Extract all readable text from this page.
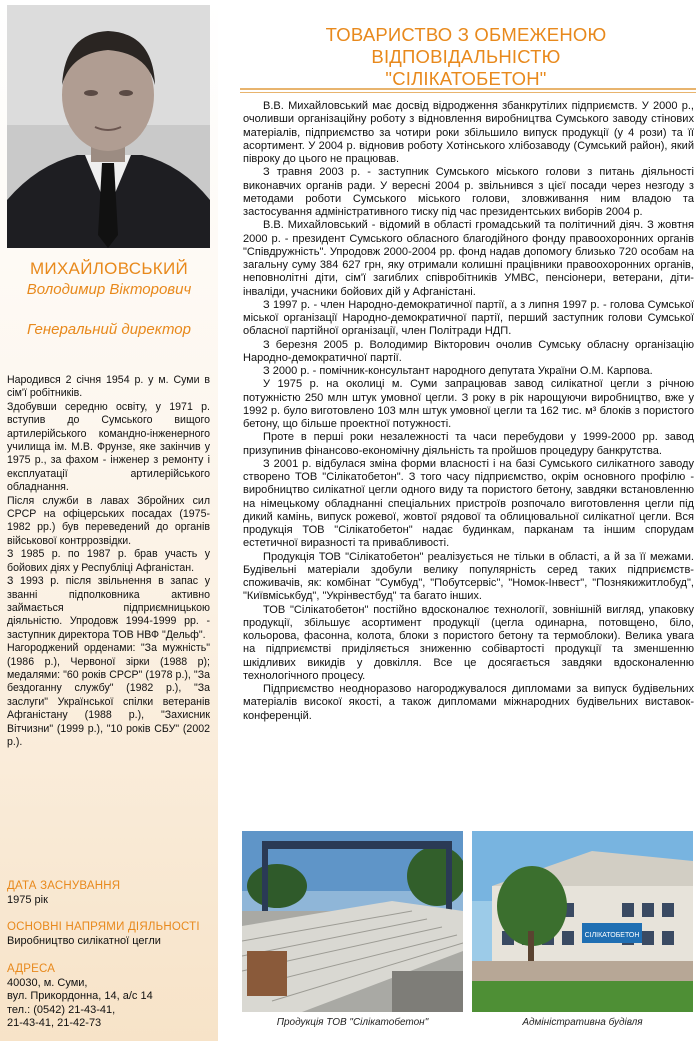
МИХАЙЛОВСЬКИЙ
Володимир Вікторович
Генеральний директор

Народився 2 січня 1954 р. у м. Суми в сім'ї робітників.

Здобувши середню освіту, у 1971 р. вступив до Сумського вищого артилерійського командно-інженерного училища ім. М.В. Фрунзе, яке закінчив у 1975 р., за фахом - інженер з ремонту і експлуатації артилерійського обладнання.

Після служби в лавах Збройних сил СРСР на офіцерських посадах (1975-1982 рр.) був переведений до органів військової контррозвідки.

З 1985 р. по 1987 р. брав участь у бойових діях у Республіці Афганістан.

З 1993 р. після звільнення в запас у званні підполковника активно займається підприємницькою діяльністю. Упродовж 1994-1999 рр. - заступник директора ТОВ НВФ "Дельф".

Нагороджений орденами: "За мужність" (1986 р.), Червоної зірки (1988 р); медалями: "60 років СРСР" (1978 р.), "За бездоганну службу" (1982 р.), "За заслуги" Української спілки ветеранів Афганістану (1988 р.), "Захисник Вітчизни" (1999 р.), "10 років СБУ" (2002 р.).

ДАТА ЗАСНУВАННЯ
1975 рік
ОСНОВНІ НАПРЯМИ ДІЯЛЬНОСТІ
Виробництво силікатної цегли
АДРЕСА
40030, м. Суми,
вул. Прикордонна, 14, а/с 14
тел.: (0542) 21-43-41,
21-43-41, 21-42-73
ТОВАРИСТВО З ОБМЕЖЕНОЮ ВІДПОВІДАЛЬНІСТЮ
"СІЛІКАТОБЕТОН"

В.В. Михайловський має досвід відродження збанкрутілих підприємств. У 2000 р., очоливши організаційну роботу з відновлення виробництва Сумського заводу стінових матеріалів, підприємство за чотири роки збільшило випуск продукції (у 4 рози) та її асортимент. У 2004 р. відновив роботу Хотінського хлібозаводу (Сумський район), який півроку до цього не працював.

З травня 2003 р. - заступник Сумського міського голови з питань діяльності виконавчих органів ради. У вересні 2004 р. звільнився з цієї посади через незгоду з методами роботи Сумського міського голови, зловживання ним владою та застосування адміністративного тиску під час президентських виборів 2004 р.

В.В. Михайловський - відомий в області громадський та політичний діяч. З жовтня 2000 р. - президент Сумського обласного благодійного фонду правоохоронних органів "Співдружність". Упродовж 2000-2004 рр. фонд надав допомогу близько 720 особам на загальну суму 384 627 грн, яку отримали колишні працівники правоохоронних органів, неповнолітні діти, сім'ї загиблих співробітників УМВС, пенсіонери, ветерани, діти-інваліди, учасники бойових дій у Афганістані.

З 1997 р. - член Народно-демократичної партії, а з липня 1997 р. - голова Сумської міської організації Народно-демократичної партії, перший заступник голови Сумської обласної партійної організації, член Політради НДП.

З березня 2005 р. Володимир Вікторович очолив Сумську обласну організацію Народно-демократичної партії.

З 2000 р. - помічник-консультант народного депутата України О.М. Карпова.

У 1975 р. на околиці м. Суми запрацював завод силікатної цегли з річною потужністю 250 млн штук умовної цегли. З року в рік нарощуючи виробництво, вже у 1992 р. було виготовлено 103 млн штук умовної цегли та 162 тис. м³ блоків з пористого бетону, що більше проектної потужності.

Проте в перші роки незалежності та часи перебудови у 1999-2000 рр. завод призупинив фінансово-економічну діяльність та пройшов процедуру банкрутства.

З 2001 р. відбулася зміна форми власності і на базі Сумського силікатного заводу створено ТОВ "Сілікатобетон". З того часу підприємство, окрім основного профілю - виробництво силікатної цегли одного виду та пористого бетону, завдяки встановленню на німецькому обладнанні спеціальних пристроїв розпочало виготовлення цегли під дикий камінь, випуск рожевої, жовтої рядової та облицювальної силікатної цегли. Вся продукція ТОВ "Сілікатобетон" надає будинкам, парканам та іншим спорудам естетичної виразності та привабливості.

Продукція ТОВ "Сілікатобетон" реалізується не тільки в області, а й за її межами. Будівельні матеріали здобули велику популярність серед таких підприємств-споживачів, як: комбінат "Сумбуд", "Побутсервіс", "Номок-Інвест", "Познякижитлобуд", "Київміськбуд", "Укрінвестбуд" та багато інших.

ТОВ "Сілікатобетон" постійно вдосконалює технології, зовнішній вигляд, упаковку продукції, збільшує асортимент продукції (цегла одинарна, потовщено, біло, кольорова, фасонна, колота, блоки з пористого бетону та термоблоки). Велика увага на підприємстві приділяється зниженню собівартості продукції та зменшенню шкідливих викидів у довкілля. Все це досягається завдяки вдосконаленню технологічного процесу.

Підприємство неодноразово нагороджувалося дипломами за випуск будівельних матеріалів високої якості, а також дипломами міжнародних будівельних виставок-конференцій.

СІЛІКАТОБЕТОН
Продукція ТОВ "Сілікатобетон"	Адміністративна будівля
